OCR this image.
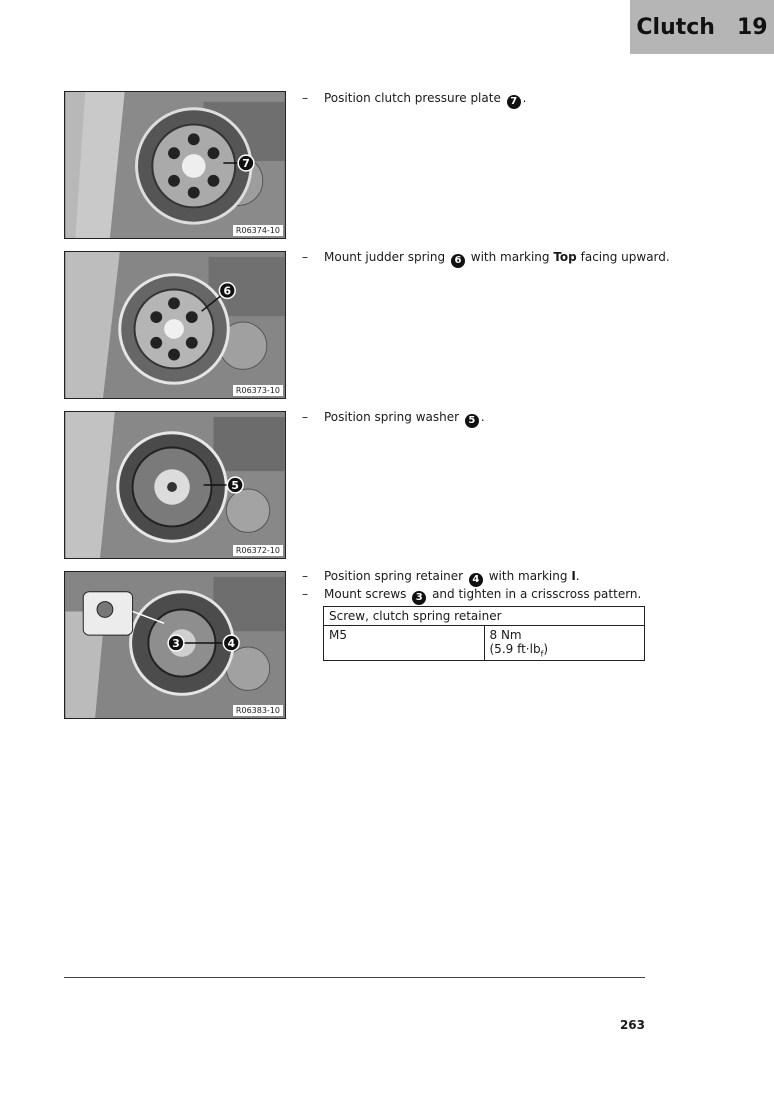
Clutch 19
7
R06374-10
6
R06373-10
5
R06372-10
3	4
R06383-10
–	Position clutch pressure plate 7 .
–	Mount judder spring 6 with marking Top facing upward.
–	Position spring washer 5 .
–	Position spring retainer 4 with marking I.
–	Mount screws 3 and tighten in a crisscross pattern.
Screw, clutch spring retainer
M5	8 Nm
(5.9 $ft\cdot lb_f$)
263
